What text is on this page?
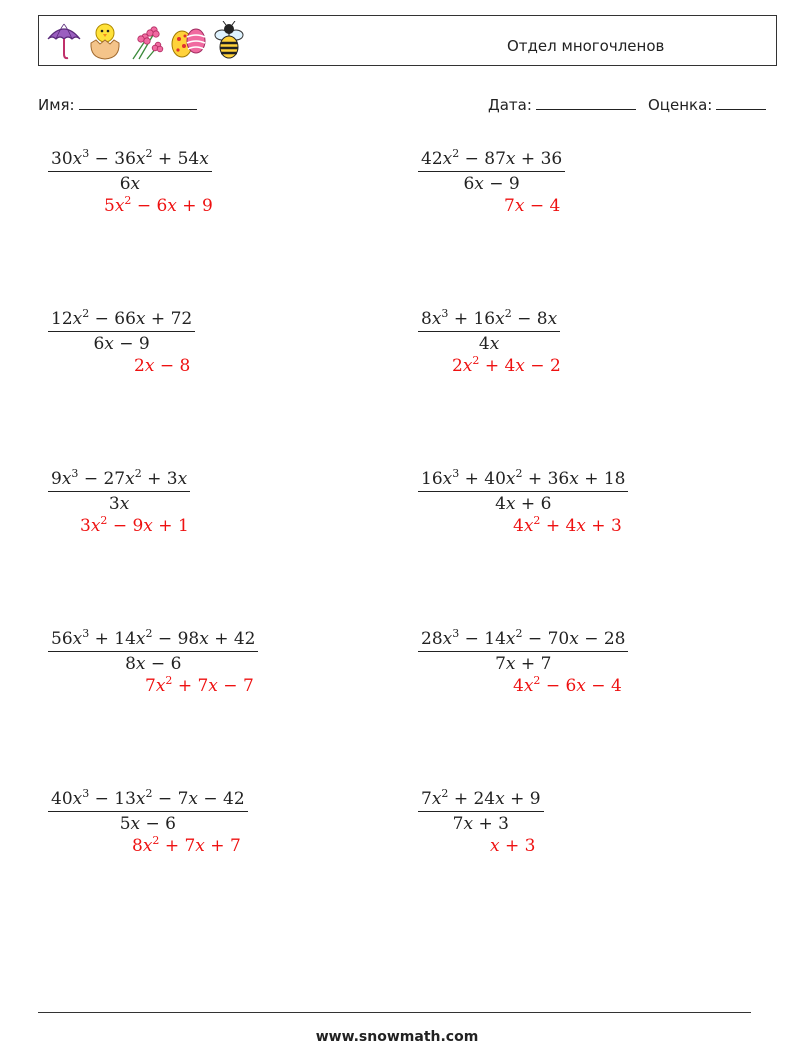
Отдел многочленов
Имя:	Дата:	Оценка:
$\frac{30x^3 - 36x^2 + 54x}{6x}$
$5x^2 - 6x + 9$
$\frac{42x^2 - 87x + 36}{6x - 9}$
7x − 4
$\frac{12x^2 - 66x + 72}{6x - 9}$
2x − 8
$\frac{8x^3 + 16x^2 - 8x}{4x}$
$2x^2 + 4x - 2$
$\frac{9x^3 - 27x^2 + 3x}{3x}$
$3x^2 - 9x + 1$
$\frac{16x^3 + 40x^2 + 36x + 18}{4x + 6}$
$4x^2 + 4x + 3$
$\frac{56x^3 + 14x^2 - 98x + 42}{8x - 6}$
$7x^2 + 7x - 7$
$\frac{28x^3 - 14x^2 - 70x - 28}{7x + 7}$
$4x^2 - 6x - 4$
$\frac{40x^3 - 13x^2 - 7x - 42}{5x - 6}$
$8x^2 + 7x + 7$
$\frac{7x^2 + 24x + 9}{7x + 3}$
x + 3
www.snowmath.com
